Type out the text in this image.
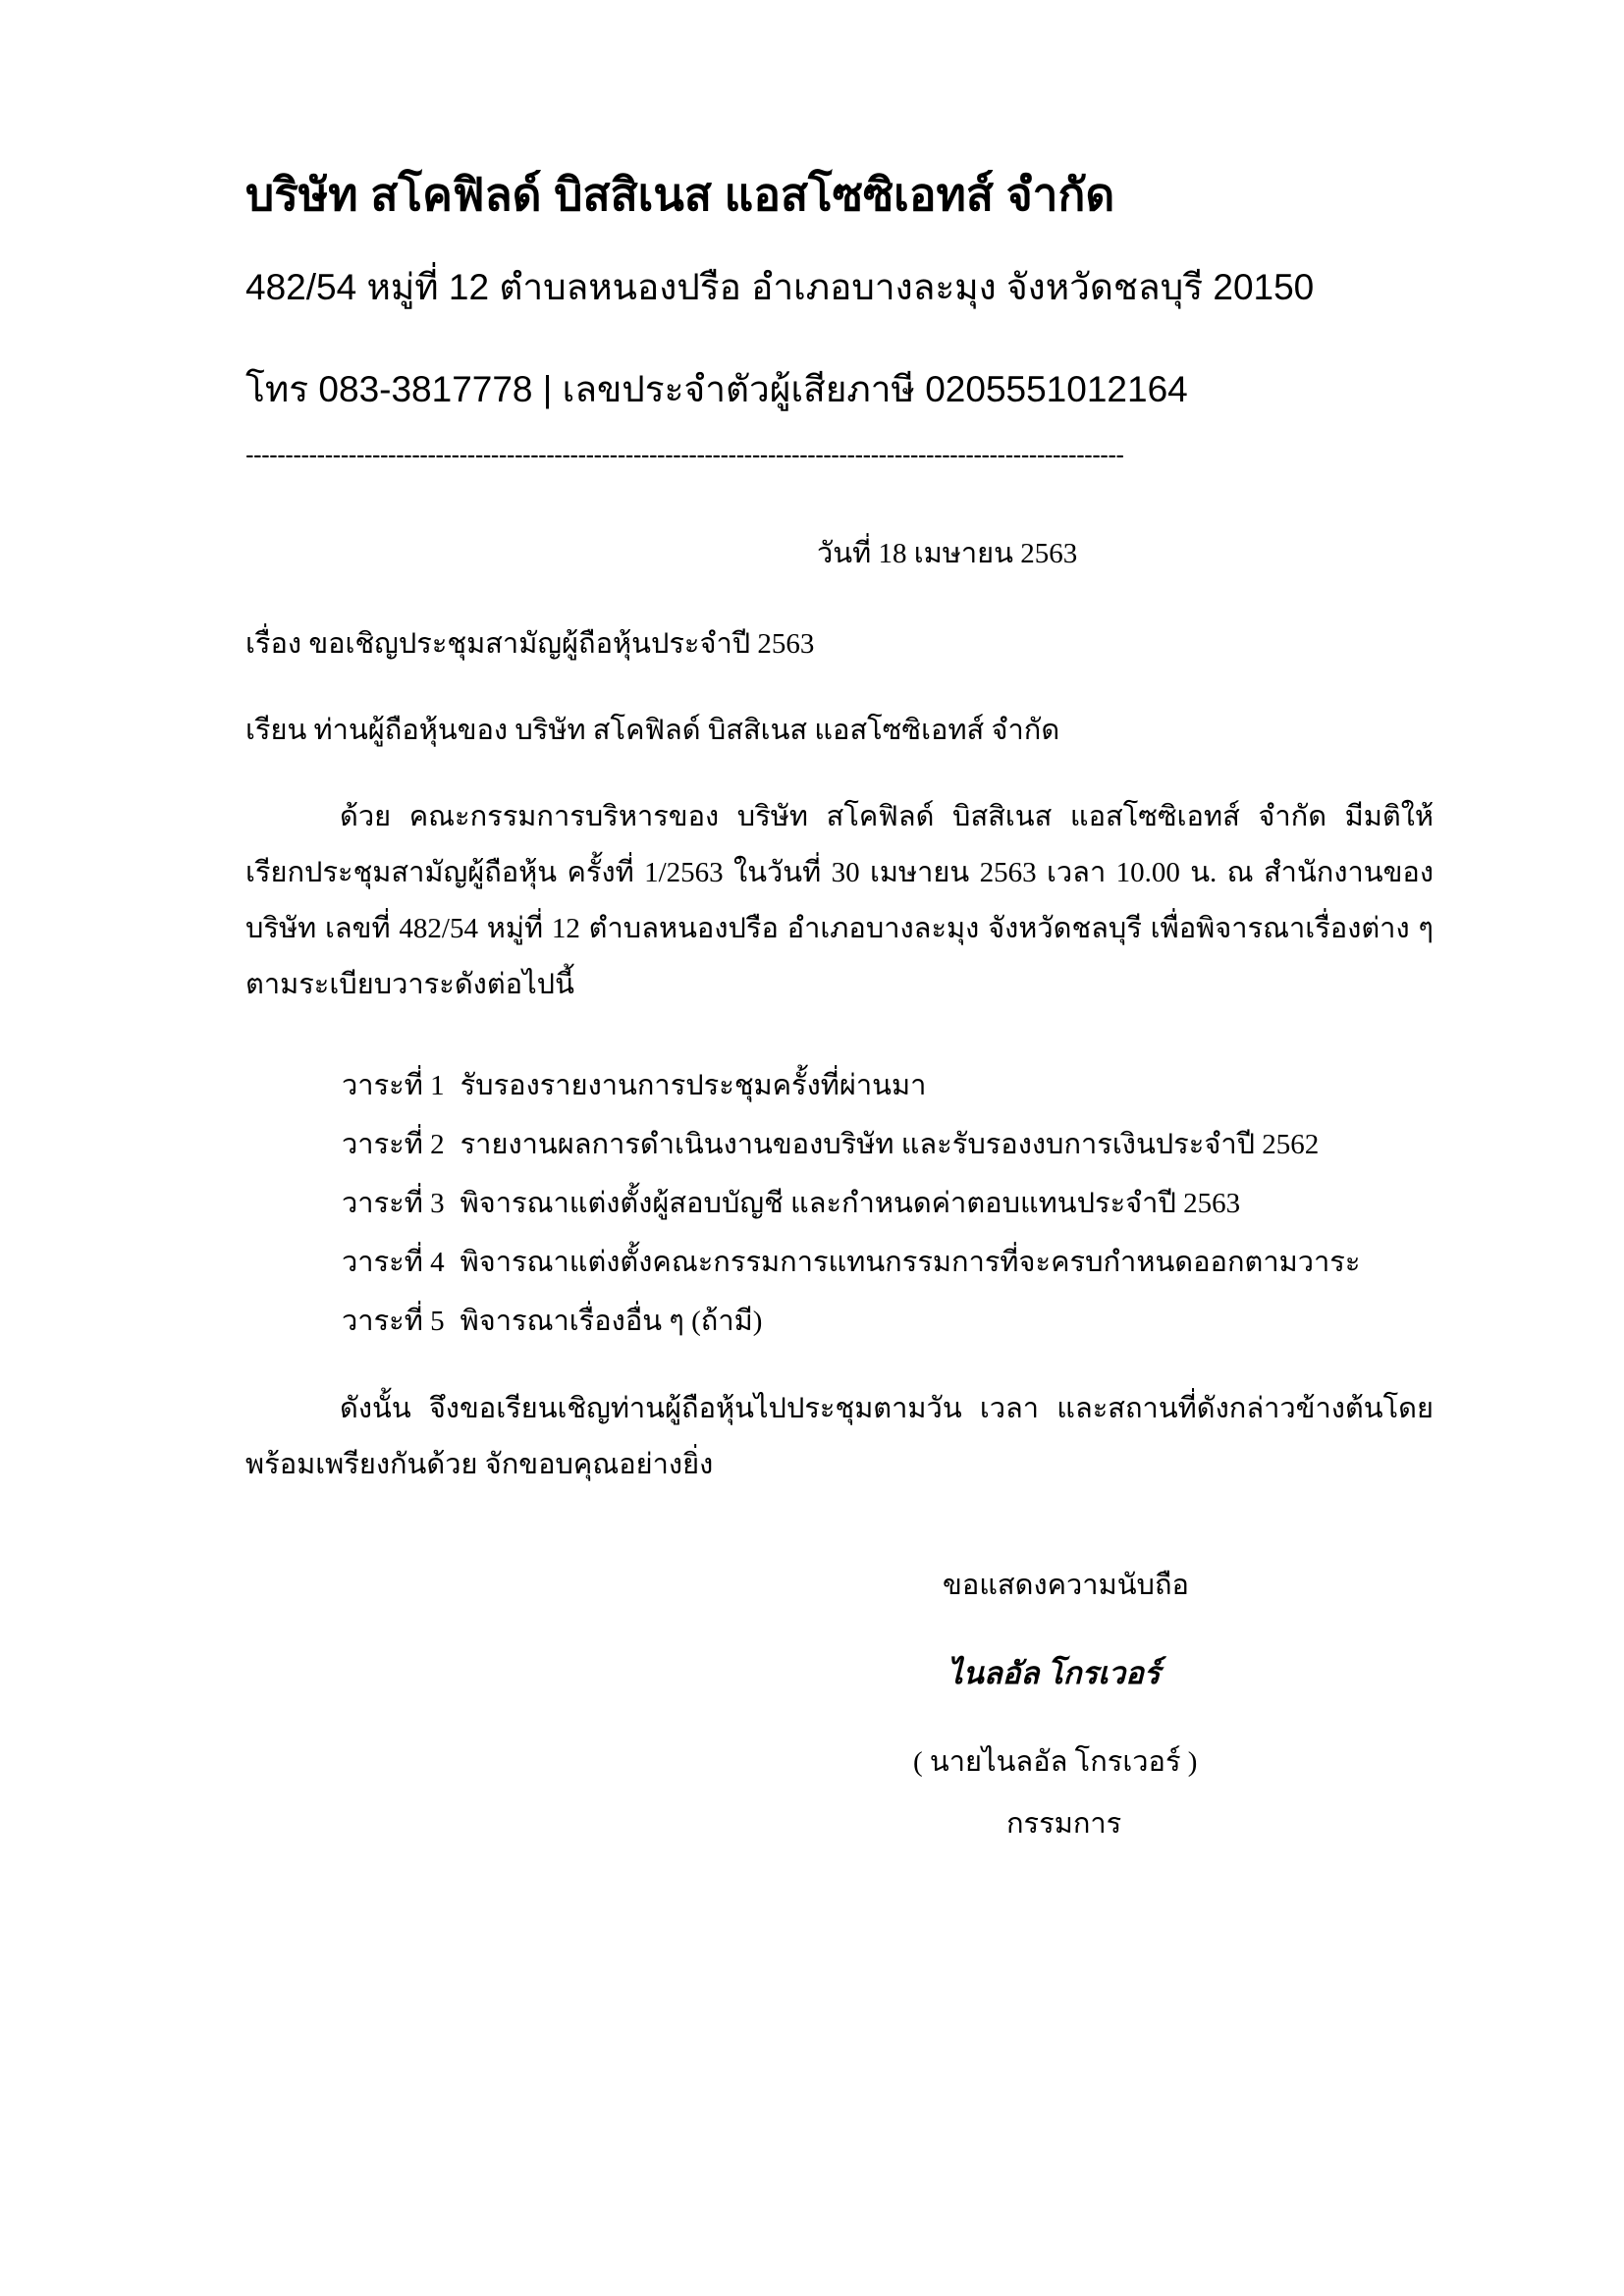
บริษัท สโคฟิลด์ บิสสิเนส แอสโซซิเอทส์ จำกัด
482/54 หมู่ที่ 12 ตำบลหนองปรือ อำเภอบางละมุง จังหวัดชลบุรี 20150
โทร 083-3817778 | เลขประจำตัวผู้เสียภาษี 0205551012164
---------------------------------------------------------------------------------------------------------------
วันที่ 18 เมษายน 2563
เรื่อง ขอเชิญประชุมสามัญผู้ถือหุ้นประจำปี 2563
เรียน ท่านผู้ถือหุ้นของ บริษัท สโคฟิลด์ บิสสิเนส แอสโซซิเอทส์ จำกัด
ด้วย คณะกรรมการบริหารของ บริษัท สโคฟิลด์ บิสสิเนส แอสโซซิเอทส์ จำกัด มีมติให้
เรียกประชุมสามัญผู้ถือหุ้น ครั้งที่ 1/2563 ในวันที่ 30 เมษายน 2563 เวลา 10.00 น. ณ สำนักงานของ
บริษัท เลขที่ 482/54 หมู่ที่ 12 ตำบลหนองปรือ อำเภอบางละมุง จังหวัดชลบุรี เพื่อพิจารณาเรื่องต่าง ๆ
ตามระเบียบวาระดังต่อไปนี้
วาระที่ 1 รับรองรายงานการประชุมครั้งที่ผ่านมา
วาระที่ 2 รายงานผลการดำเนินงานของบริษัท และรับรองงบการเงินประจำปี 2562
วาระที่ 3 พิจารณาแต่งตั้งผู้สอบบัญชี และกำหนดค่าตอบแทนประจำปี 2563
วาระที่ 4 พิจารณาแต่งตั้งคณะกรรมการแทนกรรมการที่จะครบกำหนดออกตามวาระ
วาระที่ 5 พิจารณาเรื่องอื่น ๆ (ถ้ามี)
ดังนั้น จึงขอเรียนเชิญท่านผู้ถือหุ้นไปประชุมตามวัน เวลา และสถานที่ดังกล่าวข้างต้นโดย
พร้อมเพรียงกันด้วย จักขอบคุณอย่างยิ่ง
ขอแสดงความนับถือ
ไนลอัล โกรเวอร์
( นายไนลอัล โกรเวอร์ )
กรรมการ
